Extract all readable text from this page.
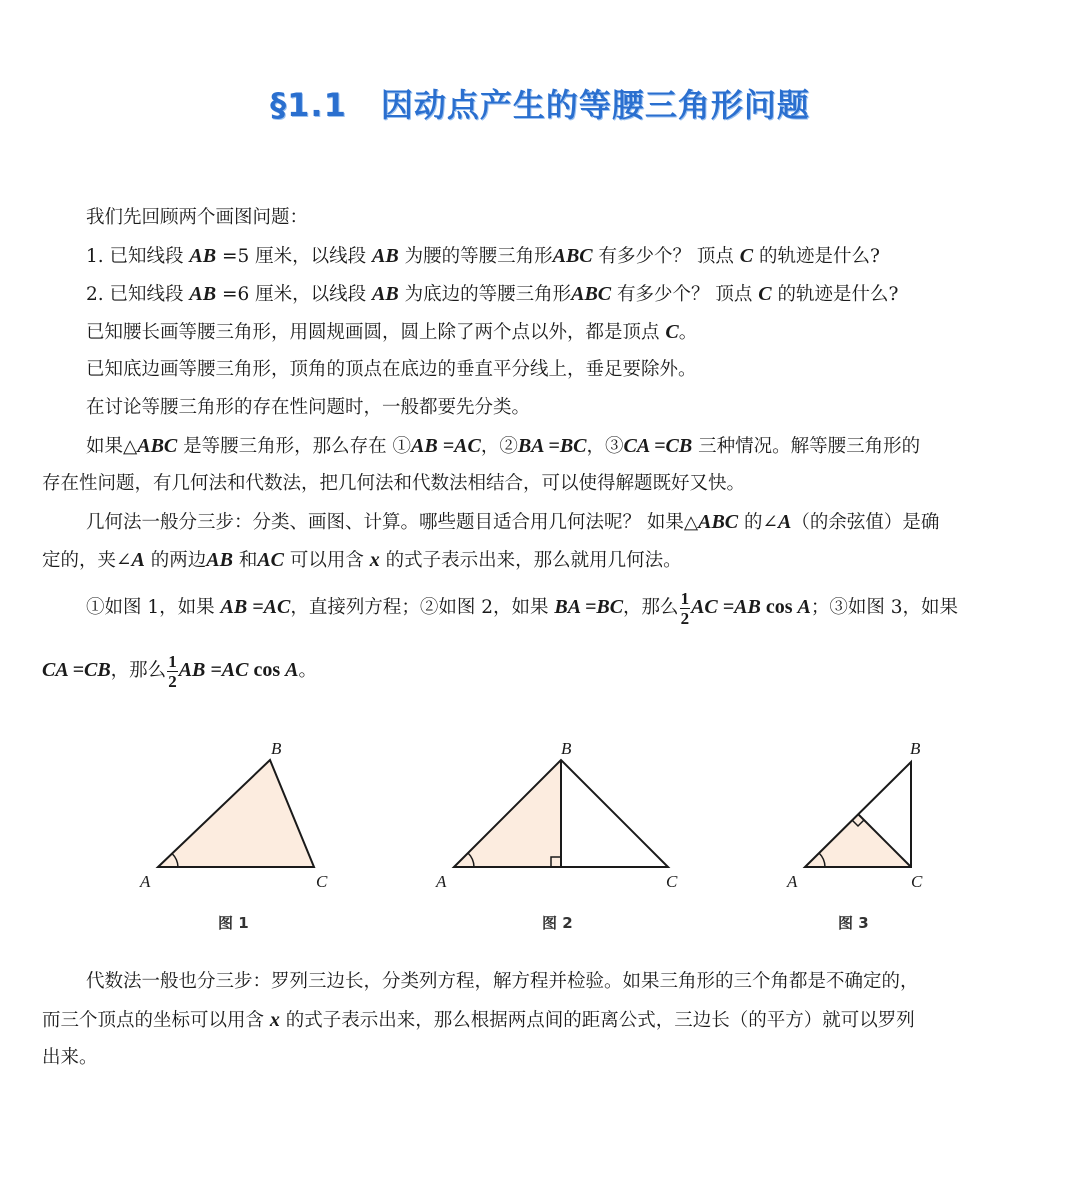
§1.1 因动点产生的等腰三角形问题
我们先回顾两个画图问题：
1. 已知线段 AB =5 厘米，以线段 AB 为腰的等腰三角形ABC 有多少个？ 顶点 C 的轨迹是什么?
2. 已知线段 AB =6 厘米，以线段 AB 为底边的等腰三角形ABC 有多少个？ 顶点 C 的轨迹是什么?
已知腰长画等腰三角形，用圆规画圆，圆上除了两个点以外，都是顶点 C。
已知底边画等腰三角形，顶角的顶点在底边的垂直平分线上，垂足要除外。
在讨论等腰三角形的存在性问题时，一般都要先分类。
如果△ABC 是等腰三角形，那么存在 ①AB =AC，②BA =BC，③CA =CB 三种情况。解等腰三角形的
存在性问题，有几何法和代数法，把几何法和代数法相结合，可以使得解题既好又快。
几何法一般分三步：分类、画图、计算。哪些题目适合用几何法呢？ 如果△ABC 的∠A（的余弦值）是确
定的，夹∠A 的两边AB 和AC 可以用含 x 的式子表示出来，那么就用几何法。
①如图 1，如果 AB =AC，直接列方程；②如图 2，如果 BA =BC，那么 $\frac{1}{2}$ AC =AB cos A；③如图 3，如果
CA =CB，那么 $\frac{1}{2}$ AB =AC cos A。
A
B
C
图 1
A
B
C
图 2
A
B
C
图 3
代数法一般也分三步：罗列三边长，分类列方程，解方程并检验。如果三角形的三个角都是不确定的，
而三个顶点的坐标可以用含 x 的式子表示出来，那么根据两点间的距离公式，三边长（的平方）就可以罗列
出来。
